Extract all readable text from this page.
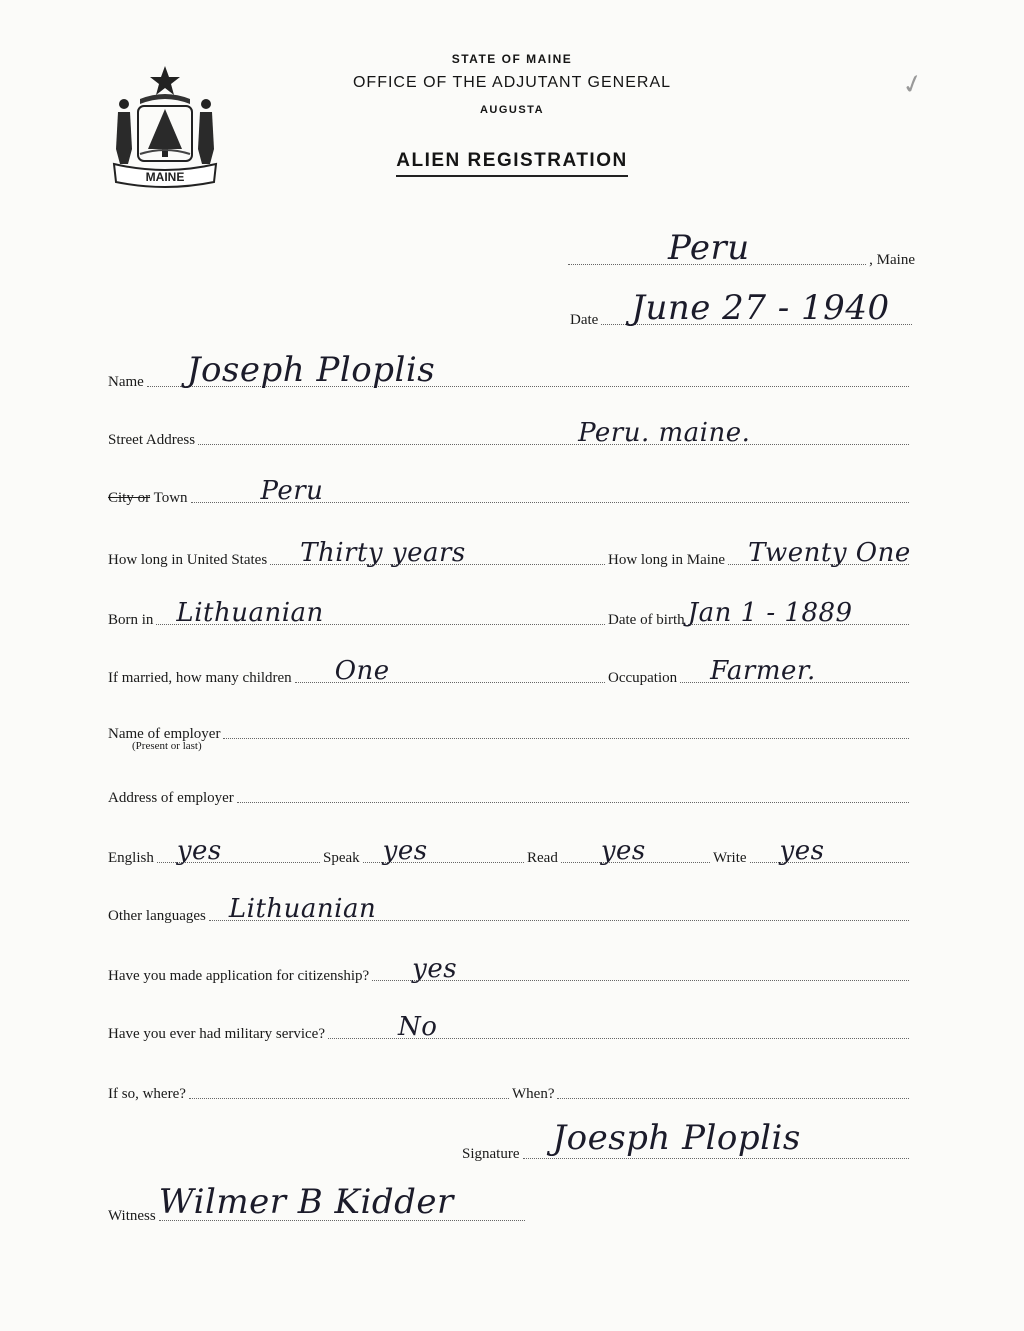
STATE OF MAINE
OFFICE OF THE ADJUTANT GENERAL
AUGUSTA
ALIEN REGISTRATION
MAINE
✓
Peru	, Maine
Date June 27 - 1940
Name Joseph Ploplis
Street Address	Peru. maine.
City or Town	Peru
How long in United States Thirty years	How long in Maine Twenty One
Born in Lithuanian	Date of birth Jan 1 - 1889
If married, how many children One	Occupation Farmer.
Name of employer
(Present or last)
Address of employer
English yes	Speak yes	Read yes	Write yes
Other languages Lithuanian
Have you made application for citizenship? yes
Have you ever had military service?	No
If so, where?	When?
Signature Joesph Ploplis
Witness Wilmer B Kidder
